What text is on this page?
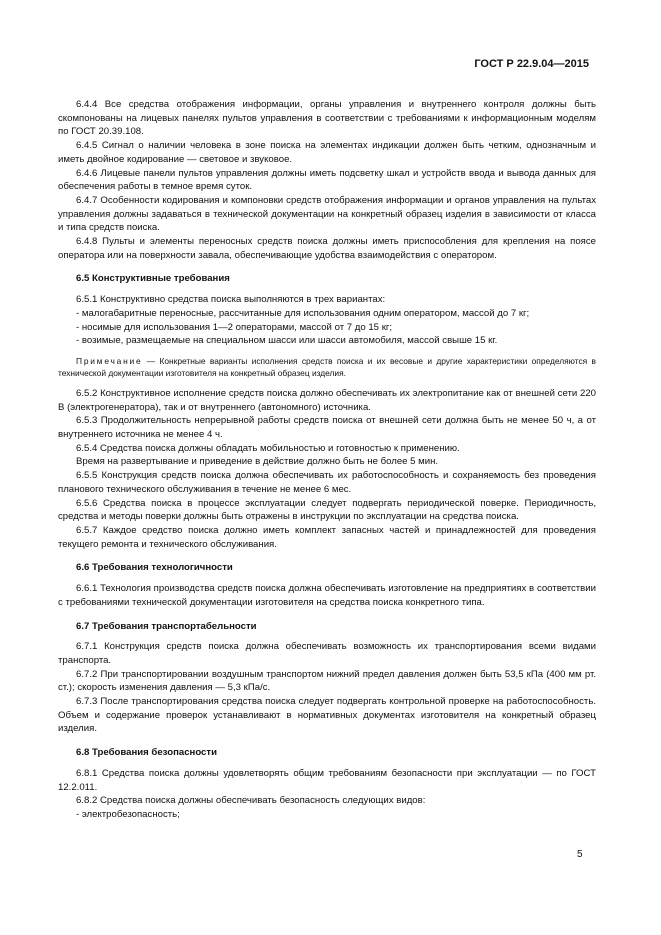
ГОСТ Р 22.9.04—2015

6.4.4 Все средства отображения информации, органы управления и внутреннего контроля должны быть скомпонованы на лицевых панелях пультов управления в соответствии с требованиями к информационным моделям по ГОСТ 20.39.108.

6.4.5 Сигнал о наличии человека в зоне поиска на элементах индикации должен быть четким, однозначным и иметь двойное кодирование — световое и звуковое.

6.4.6 Лицевые панели пультов управления должны иметь подсветку шкал и устройств ввода и вывода данных для обеспечения работы в темное время суток.

6.4.7 Особенности кодирования и компоновки средств отображения информации и органов управления на пультах управления должны задаваться в технической документации на конкретный образец изделия в зависимости от класса и типа средств поиска.

6.4.8 Пульты и элементы переносных средств поиска должны иметь приспособления для крепления на поясе оператора или на поверхности завала, обеспечивающие удобства взаимодействия с оператором.

6.5 Конструктивные требования

6.5.1 Конструктивно средства поиска выполняются в трех вариантах:

- малогабаритные переносные, рассчитанные для использования одним оператором, массой до 7 кг;

- носимые для использования 1—2 операторами, массой от 7 до 15 кг;

- возимые, размещаемые на специальном шасси или шасси автомобиля, массой свыше 15 кг.

Примечание — Конкретные варианты исполнения средств поиска и их весовые и другие характеристики определяются в технической документации изготовителя на конкретный образец изделия.

6.5.2 Конструктивное исполнение средств поиска должно обеспечивать их электропитание как от внешней сети 220 В (электрогенератора), так и от внутреннего (автономного) источника.

6.5.3 Продолжительность непрерывной работы средств поиска от внешней сети должна быть не менее 50 ч, а от внутреннего источника не менее 4 ч.

6.5.4 Средства поиска должны обладать мобильностью и готовностью к применению.

Время на развертывание и приведение в действие должно быть не более 5 мин.

6.5.5 Конструкция средств поиска должна обеспечивать их работоспособность и сохраняемость без проведения планового технического обслуживания в течение не менее 6 мес.

6.5.6 Средства поиска в процессе эксплуатации следует подвергать периодической поверке. Периодичность, средства и методы поверки должны быть отражены в инструкции по эксплуатации на средства поиска.

6.5.7 Каждое средство поиска должно иметь комплект запасных частей и принадлежностей для проведения текущего ремонта и технического обслуживания.

6.6 Требования технологичности

6.6.1 Технология производства средств поиска должна обеспечивать изготовление на предприятиях в соответствии с требованиями технической документации изготовителя на средства поиска конкретного типа.

6.7 Требования транспортабельности

6.7.1 Конструкция средств поиска должна обеспечивать возможность их транспортирования всеми видами транспорта.

6.7.2 При транспортировании воздушным транспортом нижний предел давления должен быть 53,5 кПа (400 мм рт. ст.); скорость изменения давления — 5,3 кПа/с.

6.7.3 После транспортирования средства поиска следует подвергать контрольной проверке на работоспособность. Объем и содержание проверок устанавливают в нормативных документах изготовителя на конкретный образец изделия.

6.8 Требования безопасности

6.8.1 Средства поиска должны удовлетворять общим требованиям безопасности при эксплуатации — по ГОСТ 12.2.011.

6.8.2 Средства поиска должны обеспечивать безопасность следующих видов:

- электробезопасность;

5
